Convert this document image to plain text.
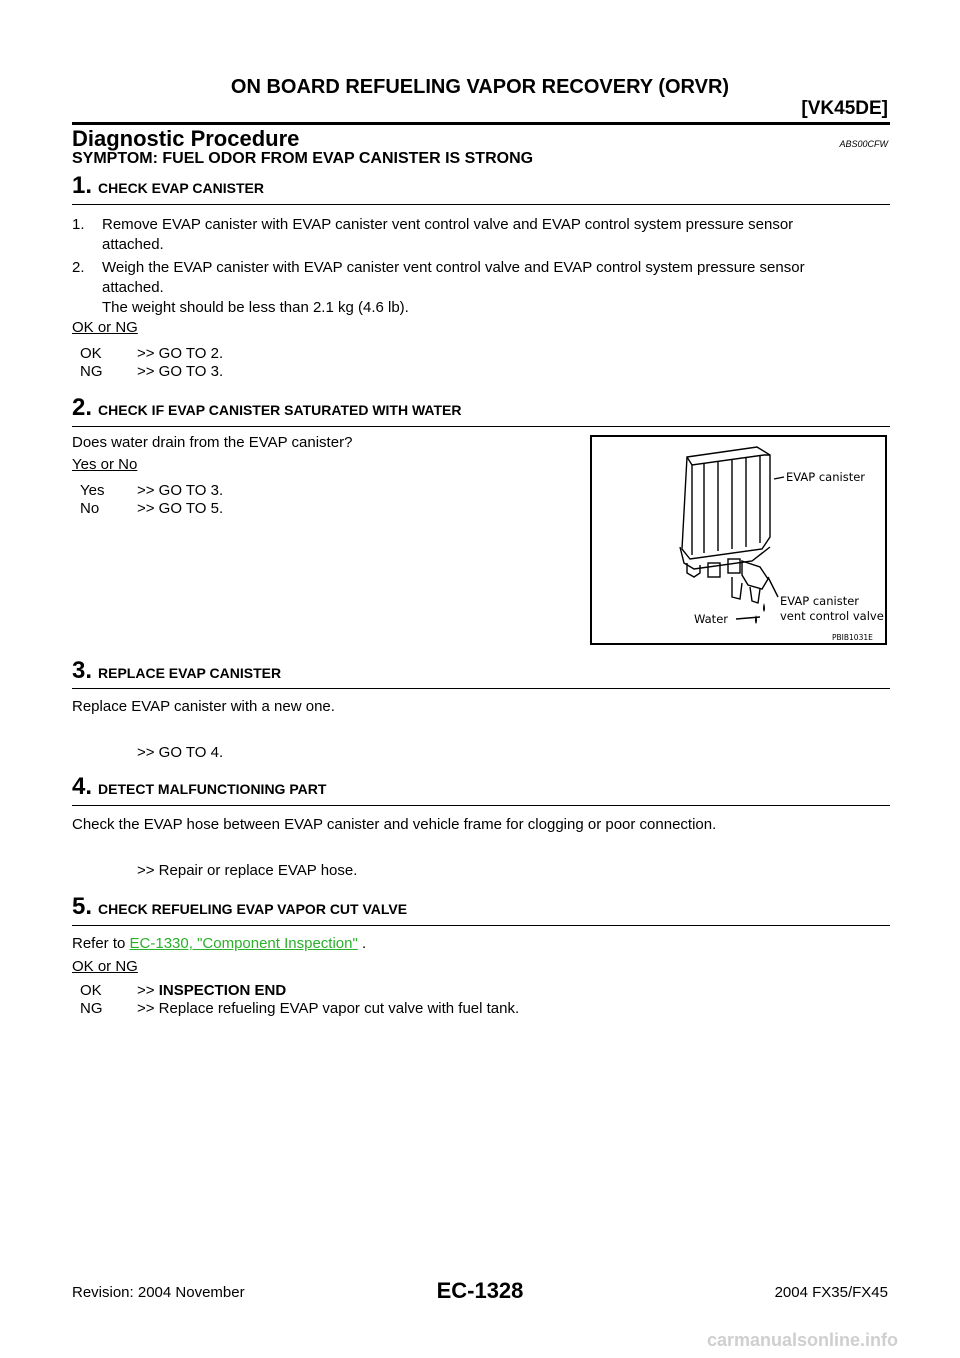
ON BOARD REFUELING VAPOR RECOVERY (ORVR)
[VK45DE]
Diagnostic Procedure	ABS00CFW
SYMPTOM: FUEL ODOR FROM EVAP CANISTER IS STRONG
1. CHECK EVAP CANISTER
1. Remove EVAP canister with EVAP canister vent control valve and EVAP control system pressure sensor
attached.
2. Weigh the EVAP canister with EVAP canister vent control valve and EVAP control system pressure sensor
attached.
The weight should be less than 2.1 kg (4.6 lb).
OK or NG
OK >> GO TO 2.
NG >> GO TO 3.
2. CHECK IF EVAP CANISTER SATURATED WITH WATER
Does water drain from the EVAP canister?
Yes or No
Yes >> GO TO 3.
No	>> GO TO 5.
EVAP canister
EVAP canister
vent control valve
Water
PBIB1031E
3. REPLACE EVAP CANISTER
Replace EVAP canister with a new one.
>> GO TO 4.
4. DETECT MALFUNCTIONING PART
Check the EVAP hose between EVAP canister and vehicle frame for clogging or poor connection.
>> Repair or replace EVAP hose.
5. CHECK REFUELING EVAP VAPOR CUT VALVE
Refer to EC-1330, "Component Inspection" .
OK or NG
OK >> INSPECTION END
NG >> Replace refueling EVAP vapor cut valve with fuel tank.
Revision: 2004 November	EC-1328	2004 FX35/FX45
carmanualsonline.info
